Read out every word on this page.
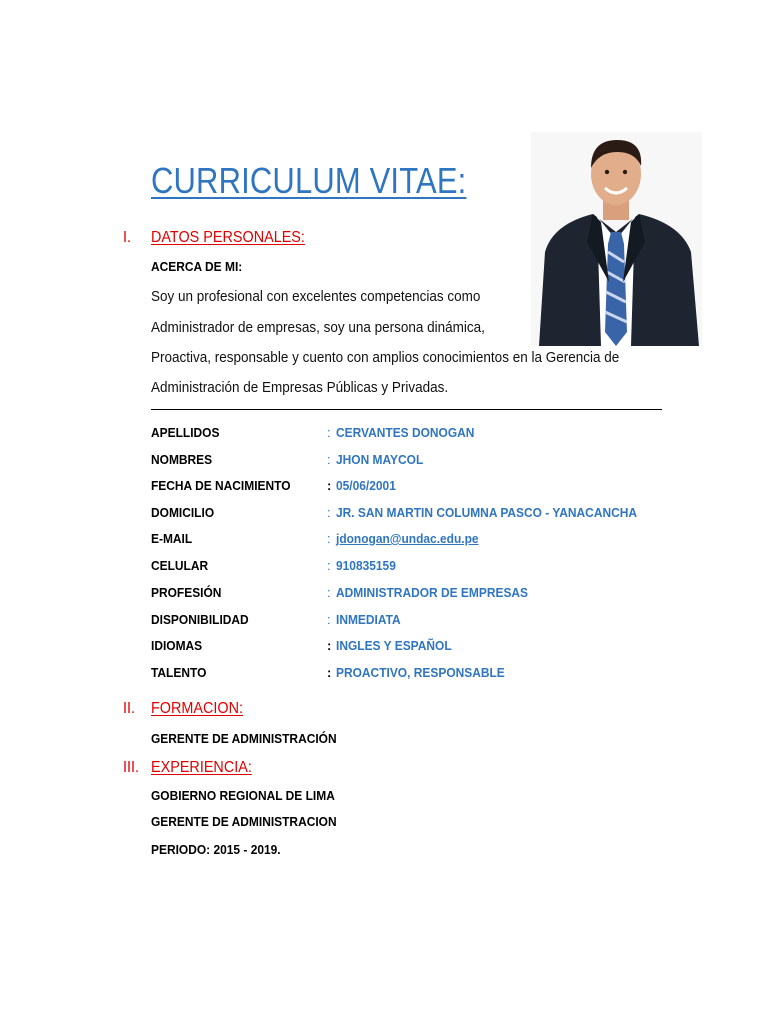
CURRICULUM VITAE:
I. DATOS PERSONALES:
ACERCA DE MI:
Soy un profesional con excelentes competencias como
Administrador de empresas, soy una persona dinámica,
Proactiva, responsable y cuento con amplios conocimientos en la Gerencia de
Administración de Empresas Públicas y Privadas.
APELLIDOS	: CERVANTES DONOGAN
NOMBRES	: JHON MAYCOL
FECHA DE NACIMIENTO	: 05/06/2001
DOMICILIO	: JR. SAN MARTIN COLUMNA PASCO - YANACANCHA
E-MAIL	: jdonogan@undac.edu.pe
CELULAR	: 910835159
PROFESIÓN	: ADMINISTRADOR DE EMPRESAS
DISPONIBILIDAD	: INMEDIATA
IDIOMAS	: INGLES Y ESPAÑOL
TALENTO	: PROACTIVO, RESPONSABLE
II. FORMACION:
GERENTE DE ADMINISTRACIÓN
III. EXPERIENCIA:
GOBIERNO REGIONAL DE LIMA
GERENTE DE ADMINISTRACION
PERIODO: 2015 - 2019.
